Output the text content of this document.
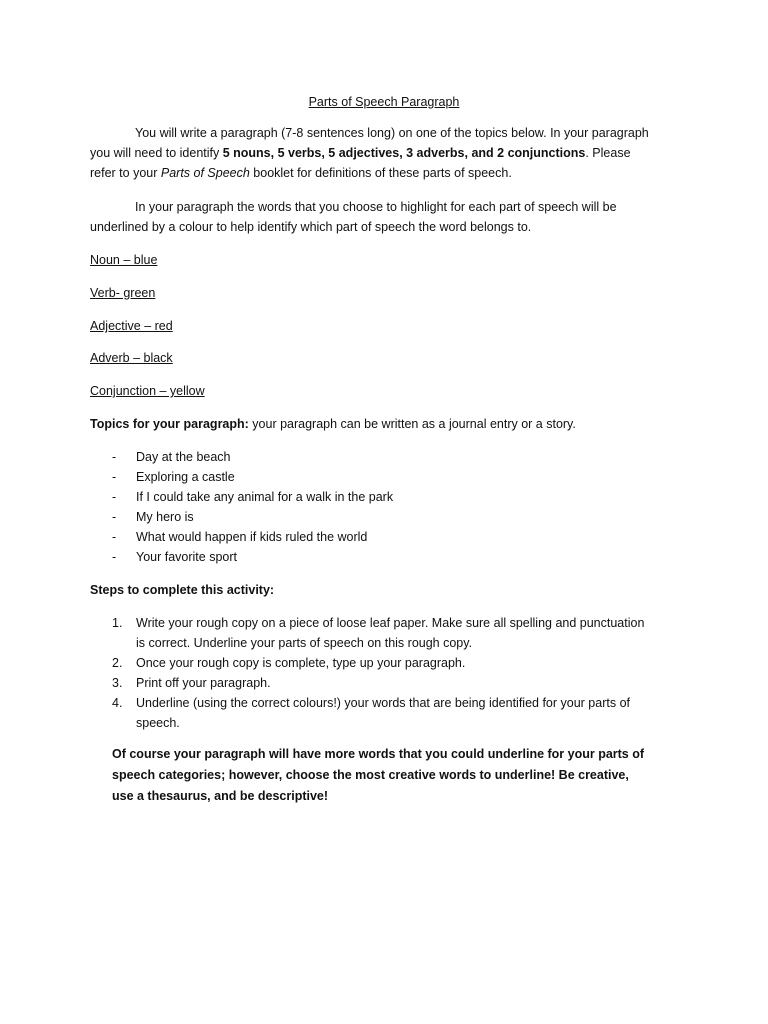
Parts of Speech Paragraph

You will write a paragraph (7-8 sentences long) on one of the topics below. In your paragraph you will need to identify 5 nouns, 5 verbs, 5 adjectives, 3 adverbs, and 2 conjunctions. Please refer to your Parts of Speech booklet for definitions of these parts of speech.

In your paragraph the words that you choose to highlight for each part of speech will be underlined by a colour to help identify which part of speech the word belongs to.

Noun – blue
Verb- green
Adjective – red
Adverb – black
Conjunction – yellow
Topics for your paragraph: your paragraph can be written as a journal entry or a story.
- Day at the beach
- Exploring a castle
- If I could take any animal for a walk in the park
- My hero is
- What would happen if kids ruled the world
- Your favorite sport
Steps to complete this activity:
1. Write your rough copy on a piece of loose leaf paper. Make sure all spelling and punctuation is correct. Underline your parts of speech on this rough copy.
2. Once your rough copy is complete, type up your paragraph.
3. Print off your paragraph.
4. Underline (using the correct colours!) your words that are being identified for your parts of speech.

Of course your paragraph will have more words that you could underline for your parts of speech categories; however, choose the most creative words to underline! Be creative, use a thesaurus, and be descriptive!
